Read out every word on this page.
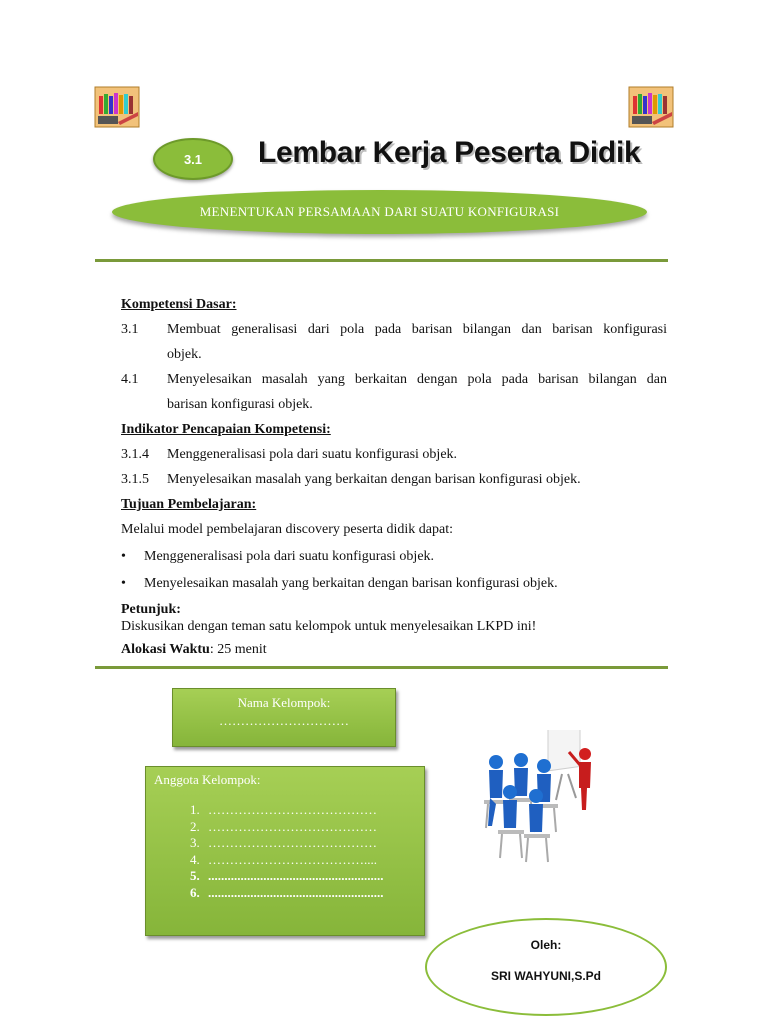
3.1 Lembar Kerja Peserta Didik
MENENTUKAN PERSAMAAN DARI SUATU KONFIGURASI

Kompetensi Dasar:

3.1	Membuat generalisasi dari pola pada barisan bilangan dan barisan konfigurasi
objek.
4.1	Menyelesaikan masalah yang berkaitan dengan pola pada barisan bilangan dan
barisan konfigurasi objek.

Indikator Pencapaian Kompetensi:

3.1.4	Menggeneralisasi pola dari suatu konfigurasi objek.
3.1.5	Menyelesaikan masalah yang berkaitan dengan barisan konfigurasi objek.

Tujuan Pembelajaran:

Melalui model pembelajaran discovery peserta didik dapat:

•	Menggeneralisasi pola dari suatu konfigurasi objek.
•	Menyelesaikan masalah yang berkaitan dengan barisan konfigurasi objek.

Petunjuk:

Diskusikan dengan teman satu kelompok untuk menyelesaikan LKPD ini!

Alokasi Waktu: 25 menit

Nama Kelompok:
…………………………
Anggota Kelompok:
1. …………………………………
2. …………………………………
3. …………………………………
4. ………………………………....
5. ......................................................
6. ......................................................
Oleh:
SRI WAHYUNI,S.Pd
